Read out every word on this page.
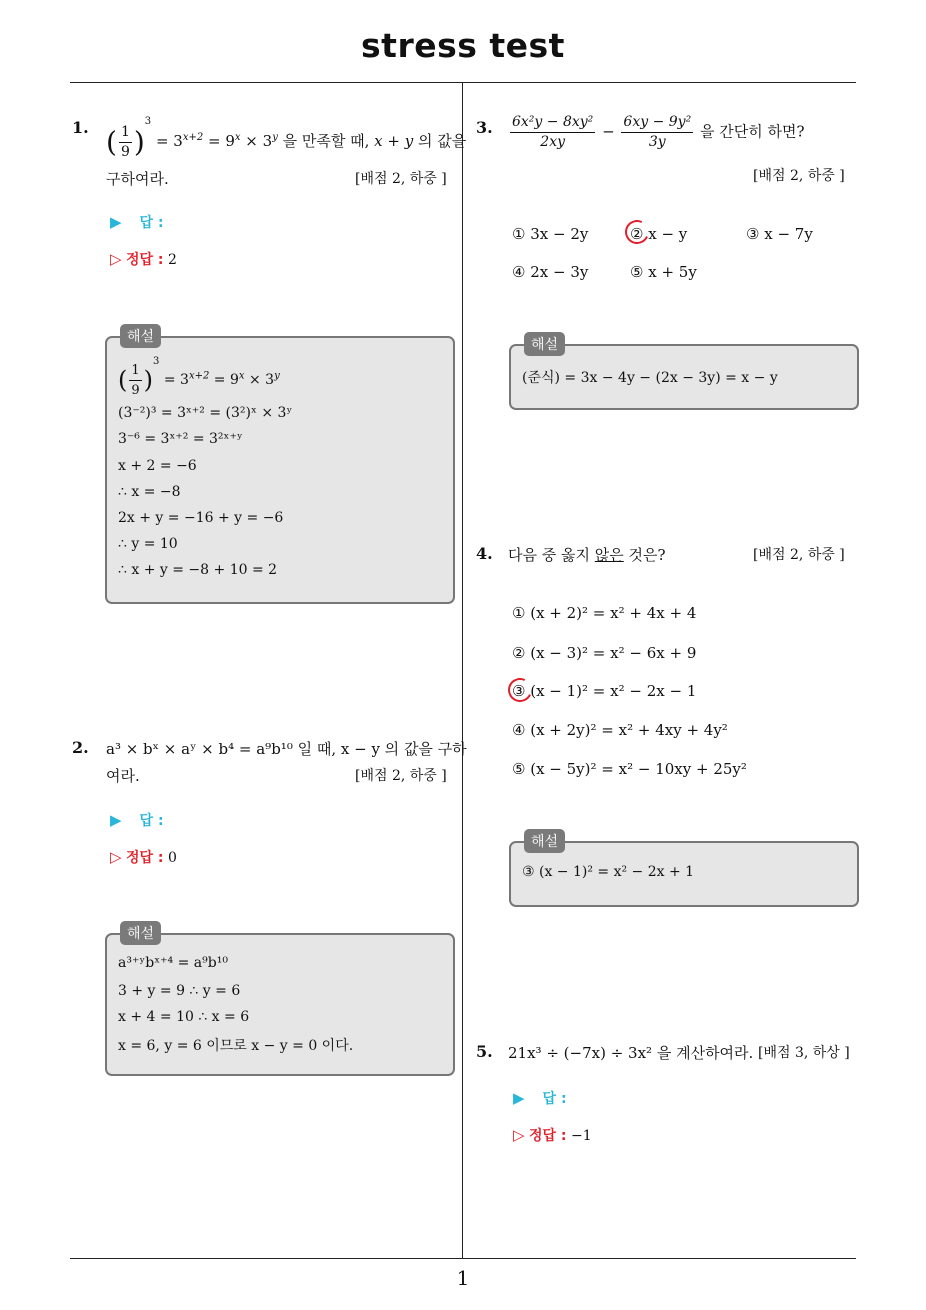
stress test
1
1. ( $\frac{1}{9} )^3 = 3^{x+2} = 9^x \times 3^y$ 을 만족할 때, x + y 의 값을
구하여라.	[배점 2, 하중 ]
▶ 답 :
▷ 정답 : 2
해설
( $\frac{1}{9} )^3 = 3^{x+2} = 9^x \times 3^y$
(3⁻²)³ = 3ˣ⁺² = (3²)ˣ × 3ʸ
3⁻⁶ = 3ˣ⁺² = 3²ˣ⁺ʸ
x + 2 = −6
∴ x = −8
2x + y = −16 + y = −6
∴ y = 10
∴ x + y = −8 + 10 = 2
2. a³ × bˣ × aʸ × b⁴ = a⁹b¹⁰ 일 때, x − y 의 값을 구하
여라.	[배점 2, 하중 ]
▶ 답 :
▷ 정답 : 0
해설
a³⁺ʸbˣ⁺⁴ = a⁹b¹⁰
3 + y = 9 ∴ y = 6
x + 4 = 10 ∴ x = 6
x = 6, y = 6 이므로 x − y = 0 이다.
3. $\frac{\text{6x²y − 8xy²}}{2xy} - \frac{\text{6xy − 9y²}}{3y}$ 을 간단히 하면?
[배점 2, 하중 ]
① 3x − 2y	② x − y	③ x − 7y
④ 2x − 3y	⑤ x + 5y
해설
(준식) = 3x − 4y − (2x − 3y) = x − y
4. 다음 중 옳지 않은 것은?	[배점 2, 하중 ]
① (x + 2)² = x² + 4x + 4
② (x − 3)² = x² − 6x + 9
③ (x − 1)² = x² − 2x − 1
④ (x + 2y)² = x² + 4xy + 4y²
⑤ (x − 5y)² = x² − 10xy + 25y²
해설
③ (x − 1)² = x² − 2x + 1
5. 21x³ ÷ (−7x) ÷ 3x² 을 계산하여라. [배점 3, 하상 ]
▶ 답 :
▷ 정답 : −1
